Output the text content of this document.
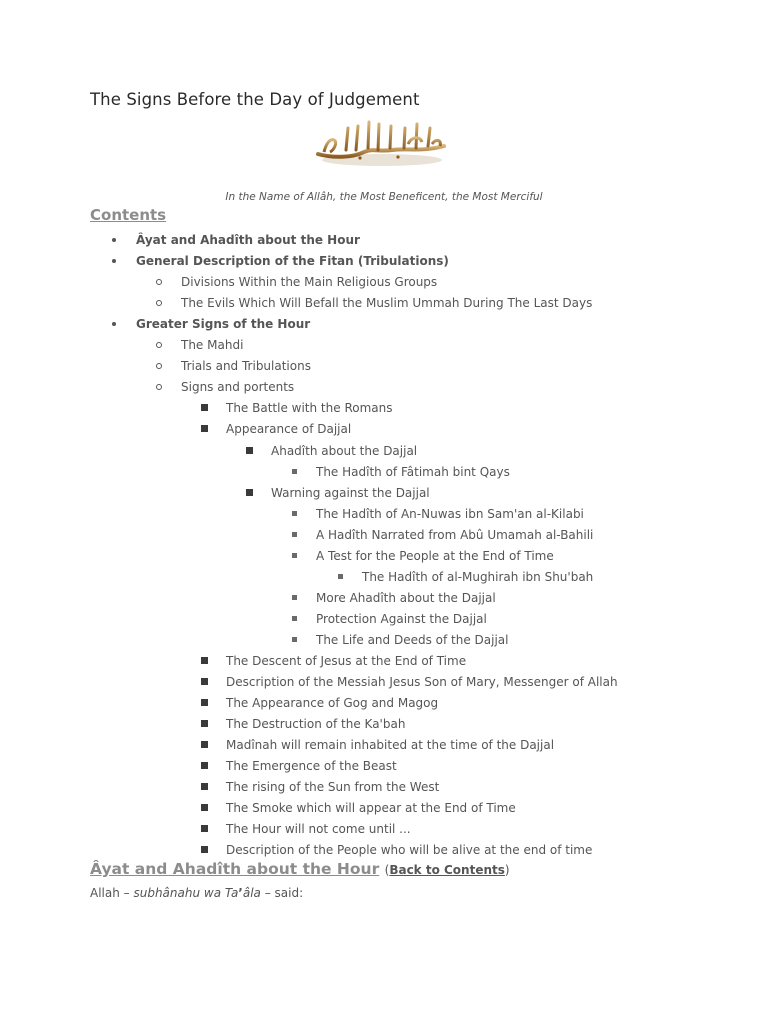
The Signs Before the Day of Judgement
In the Name of Allâh, the Most Beneficent, the Most Merciful
Contents
Âyat and Ahadîth about the Hour
General Description of the Fitan (Tribulations)
Divisions Within the Main Religious Groups
The Evils Which Will Befall the Muslim Ummah During The Last Days
Greater Signs of the Hour
The Mahdi
Trials and Tribulations
Signs and portents
The Battle with the Romans
Appearance of Dajjal
Ahadîth about the Dajjal
The Hadîth of Fâtimah bint Qays
Warning against the Dajjal
The Hadîth of An-Nuwas ibn Sam'an al-Kilabi
A Hadîth Narrated from Abû Umamah al-Bahili
A Test for the People at the End of Time
The Hadîth of al-Mughirah ibn Shu'bah
More Ahadîth about the Dajjal
Protection Against the Dajjal
The Life and Deeds of the Dajjal
The Descent of Jesus at the End of Time
Description of the Messiah Jesus Son of Mary, Messenger of Allah
The Appearance of Gog and Magog
The Destruction of the Ka'bah
Madînah will remain inhabited at the time of the Dajjal
The Emergence of the Beast
The rising of the Sun from the West
The Smoke which will appear at the End of Time
The Hour will not come until ...
Description of the People who will be alive at the end of time
Âyat and Ahadîth about the Hour (Back to Contents)
Allah – subhânahu wa Ta’âla – said:
